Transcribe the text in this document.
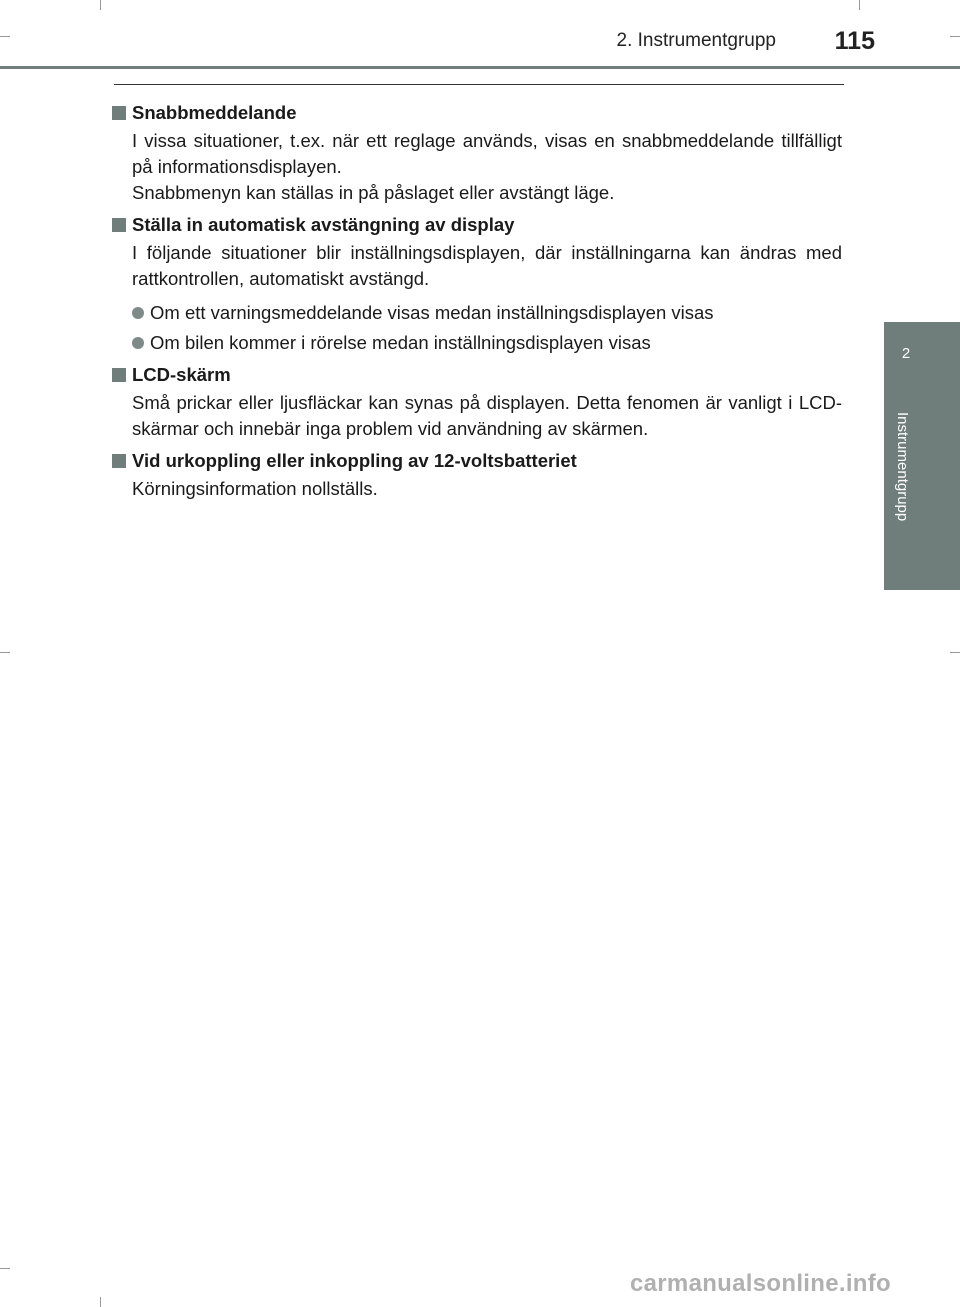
2. Instrumentgrupp 115
2
Instrumentgrupp
Snabbmeddelande
I vissa situationer, t.ex. när ett reglage används, visas en snabbmeddelande tillfälligt på informationsdisplayen.
Snabbmenyn kan ställas in på påslaget eller avstängt läge.
Ställa in automatisk avstängning av display
I följande situationer blir inställningsdisplayen, där inställningarna kan ändras med rattkontrollen, automatiskt avstängd.
Om ett varningsmeddelande visas medan inställningsdisplayen visas
Om bilen kommer i rörelse medan inställningsdisplayen visas
LCD-skärm
Små prickar eller ljusfläckar kan synas på displayen. Detta fenomen är vanligt i LCD-skärmar och innebär inga problem vid användning av skärmen.
Vid urkoppling eller inkoppling av 12-voltsbatteriet
Körningsinformation nollställs.
carmanualsonline.info
